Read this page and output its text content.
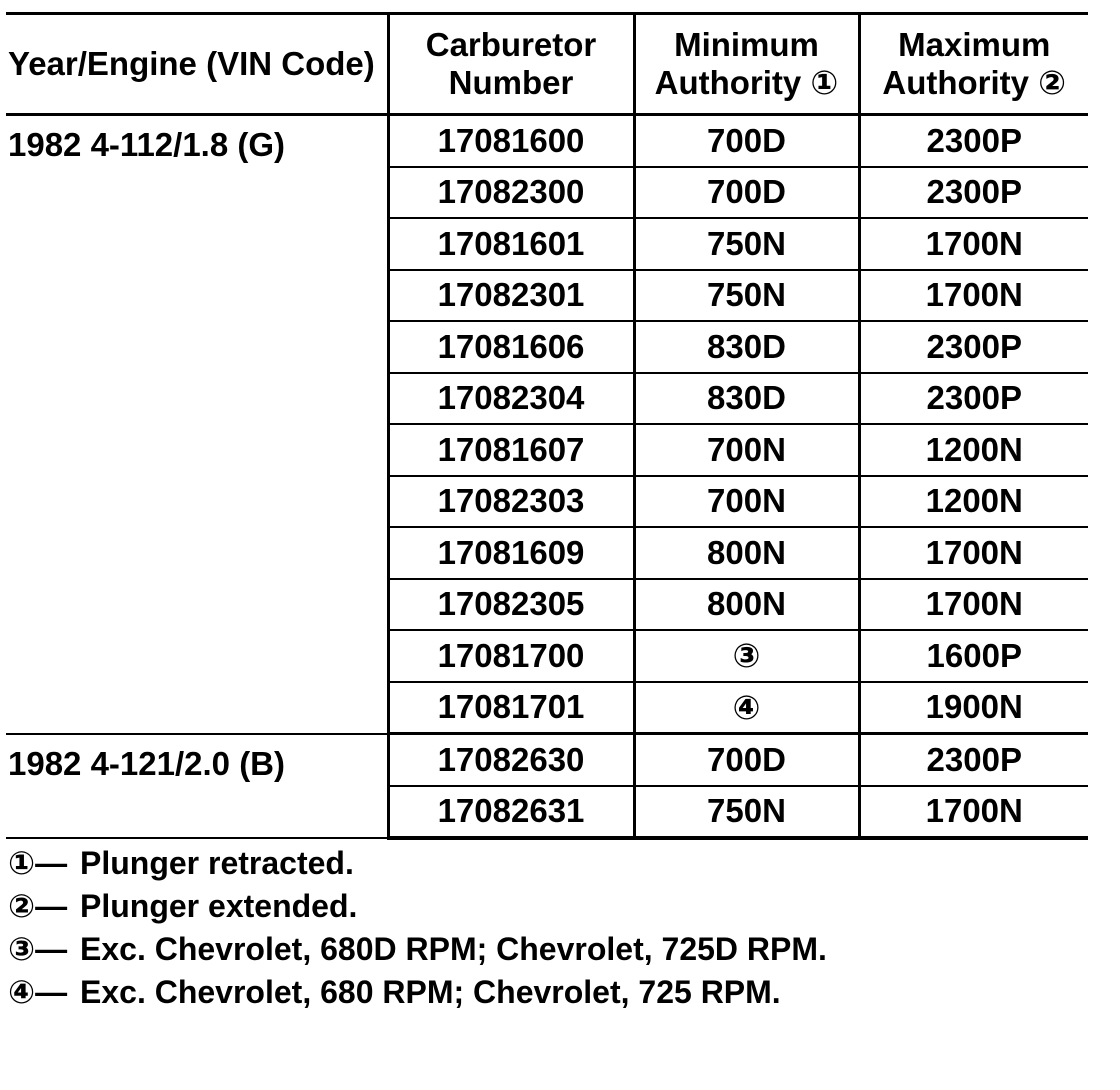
Year/Engine (VIN Code)	Carburetor Number	Minimum Authority ①	Maximum Authority ②
1982 4-112/1.8 (G)	17081600	700D	2300P
	17082300	700D	2300P
	17081601	750N	1700N
	17082301	750N	1700N
	17081606	830D	2300P
	17082304	830D	2300P
	17081607	700N	1200N
	17082303	700N	1200N
	17081609	800N	1700N
	17082305	800N	1700N
	17081700	③	1600P
	17081701	④	1900N
1982 4-121/2.0 (B)	17082630	700D	2300P
	17082631	750N	1700N
①— Plunger retracted.
②— Plunger extended.
③— Exc. Chevrolet, 680D RPM; Chevrolet, 725D RPM.
④— Exc. Chevrolet, 680 RPM; Chevrolet, 725 RPM.
